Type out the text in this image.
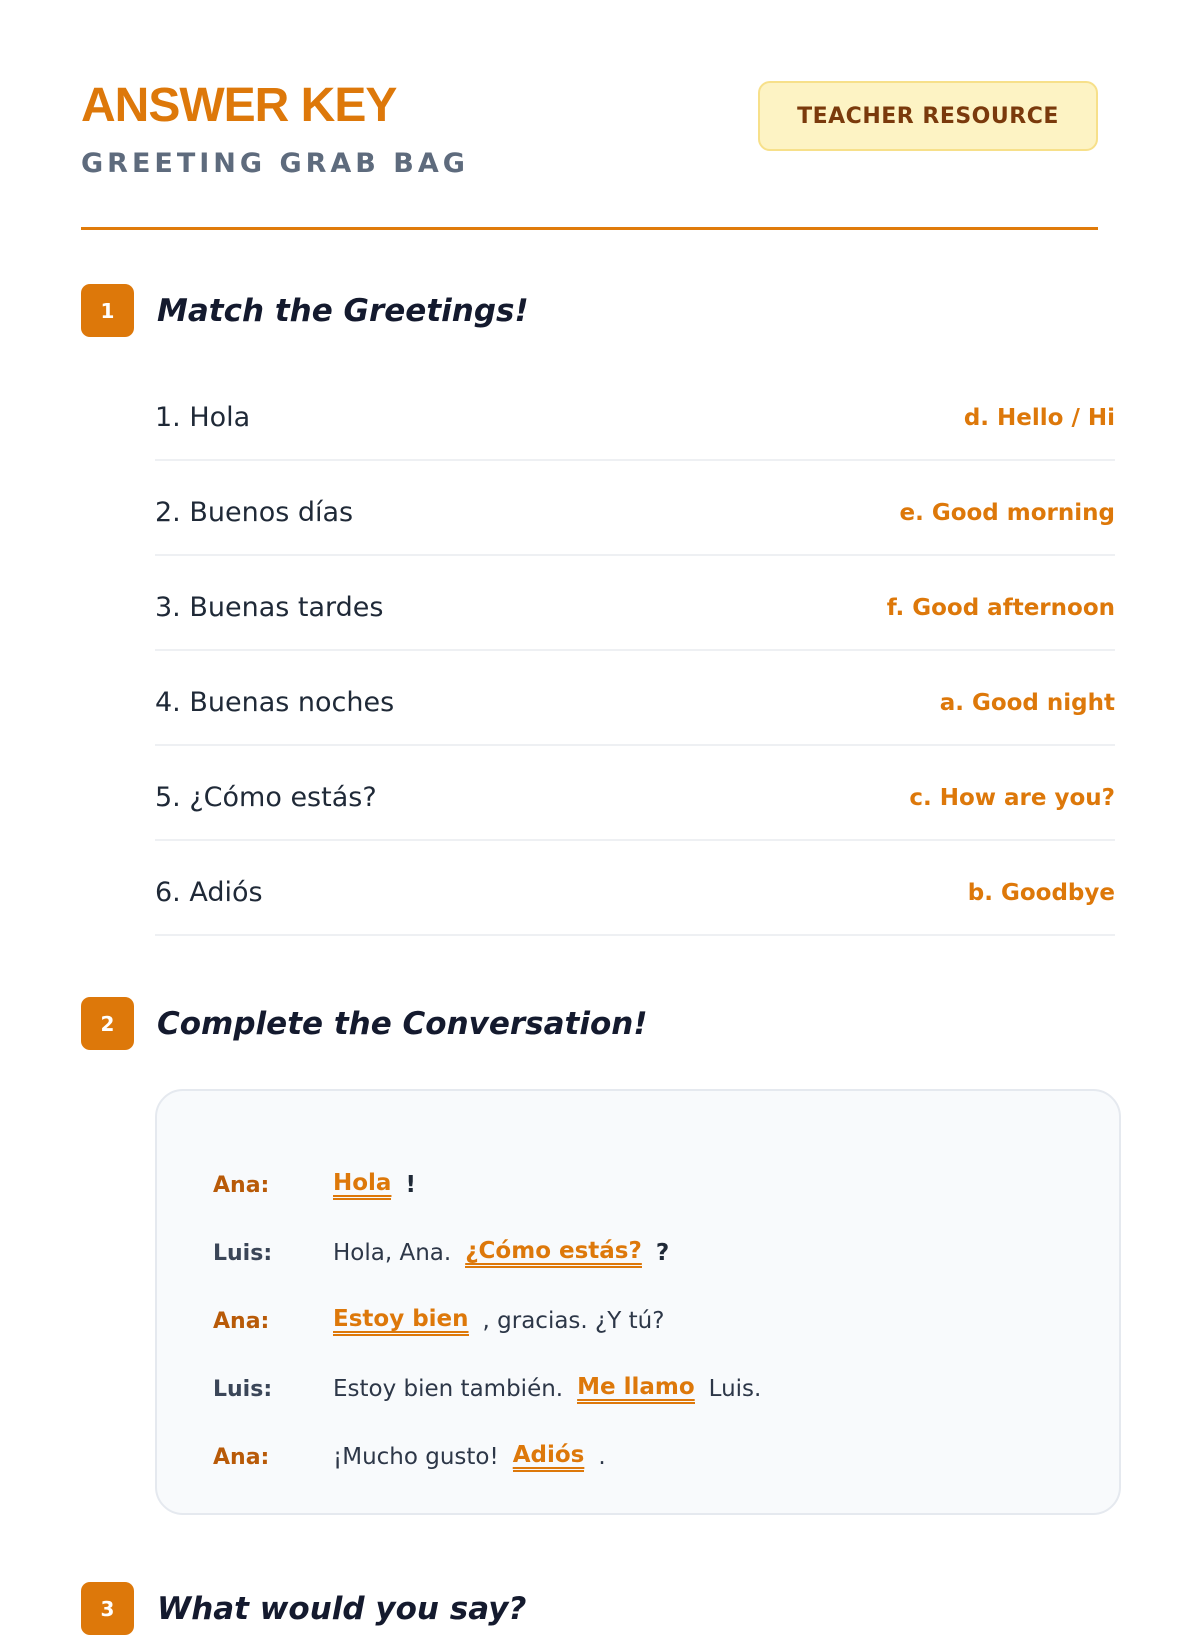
ANSWER KEY
GREETING GRAB BAG
TEACHER RESOURCE
1	Match the Greetings!
1. Hola	d. Hello / Hi
2. Buenos días	e. Good morning
3. Buenas tardes	f. Good afternoon
4. Buenas noches	a. Good night
5. ¿Cómo estás?	c. How are you?
6. Adiós	b. Goodbye
2	Complete the Conversation!
Ana:	Hola !
Luis:	Hola, Ana. ¿Cómo estás? ?
Ana:	Estoy bien , gracias. ¿Y tú?
Luis:	Estoy bien también. Me llamo Luis.
Ana:	¡Mucho gusto! Adiós .
3	What would you say?
